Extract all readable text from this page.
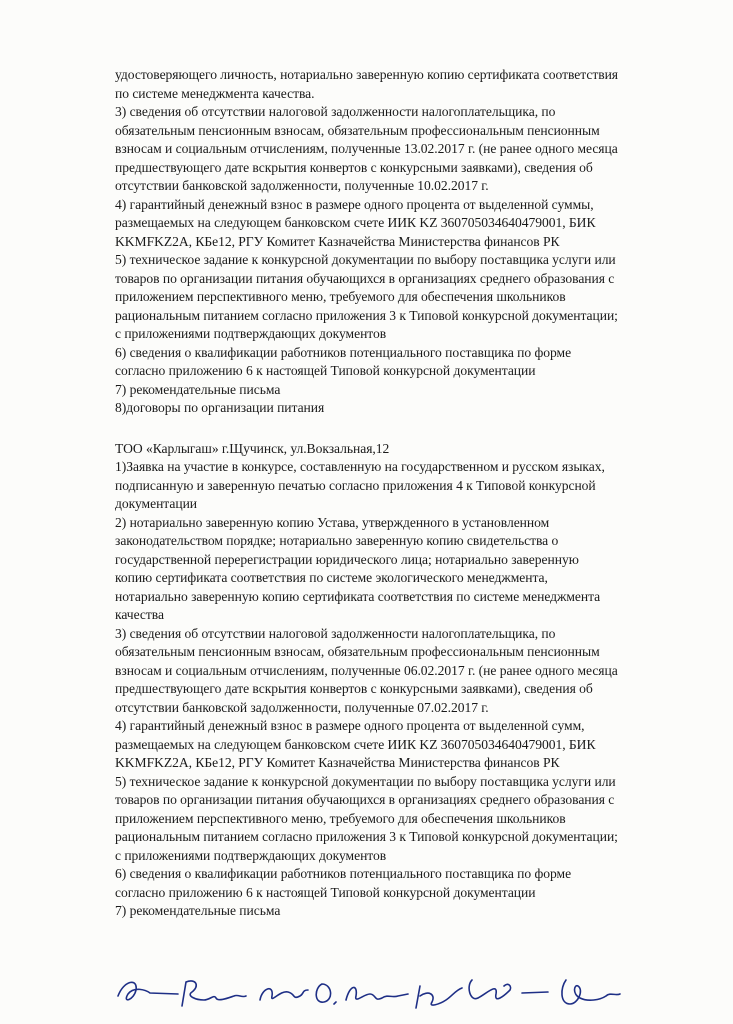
удостоверяющего личность, нотариально заверенную копию сертификата соответствия
по системе менеджмента качества.
3) сведения об отсутствии налоговой задолженности налогоплательщика, по
обязательным пенсионным взносам, обязательным профессиональным пенсионным
взносам и социальным отчислениям, полученные 13.02.2017 г. (не ранее одного месяца
предшествующего дате вскрытия конвертов с конкурсными заявками), сведения об
отсутствии банковской задолженности, полученные 10.02.2017 г.
4) гарантийный денежный взнос в размере одного процента от выделенной суммы,
размещаемых на следующем банковском счете ИИК KZ 360705034640479001, БИК
KKMFKZ2A, КБе12, РГУ Комитет Казначейства Министерства финансов РК
5) техническое задание к конкурсной документации по выбору поставщика услуги или
товаров по организации питания обучающихся в организациях среднего образования с
приложением перспективного меню, требуемого для обеспечения школьников
рациональным питанием согласно приложения 3 к Типовой конкурсной документации;
с приложениями подтверждающих документов
6) сведения о квалификации работников потенциального поставщика по форме
согласно приложению 6 к настоящей Типовой конкурсной документации
7) рекомендательные письма
8)договоры по организации питания
ТОО «Карлыгаш» г.Щучинск, ул.Вокзальная,12
1)Заявка на участие в конкурсе, составленную на государственном и русском языках,
подписанную и заверенную печатью согласно приложения 4 к Типовой конкурсной
документации
2) нотариально заверенную копию Устава, утвержденного в установленном
законодательством порядке; нотариально заверенную копию свидетельства о
государственной перерегистрации юридического лица; нотариально заверенную
копию сертификата соответствия по системе экологического менеджмента,
нотариально заверенную копию сертификата соответствия по системе менеджмента
качества
3) сведения об отсутствии налоговой задолженности налогоплательщика, по
обязательным пенсионным взносам, обязательным профессиональным пенсионным
взносам и социальным отчислениям, полученные 06.02.2017 г. (не ранее одного месяца
предшествующего дате вскрытия конвертов с конкурсными заявками), сведения об
отсутствии банковской задолженности, полученные 07.02.2017 г.
4) гарантийный денежный взнос в размере одного процента от выделенной сумм,
размещаемых на следующем банковском счете ИИК KZ 360705034640479001, БИК
KKMFKZ2A, КБе12, РГУ Комитет Казначейства Министерства финансов РК
5) техническое задание к конкурсной документации по выбору поставщика услуги или
товаров по организации питания обучающихся в организациях среднего образования с
приложением перспективного меню, требуемого для обеспечения школьников
рациональным питанием согласно приложения 3 к Типовой конкурсной документации;
с приложениями подтверждающих документов
6) сведения о квалификации работников потенциального поставщика по форме
согласно приложению 6 к настоящей Типовой конкурсной документации
7) рекомендательные письма
